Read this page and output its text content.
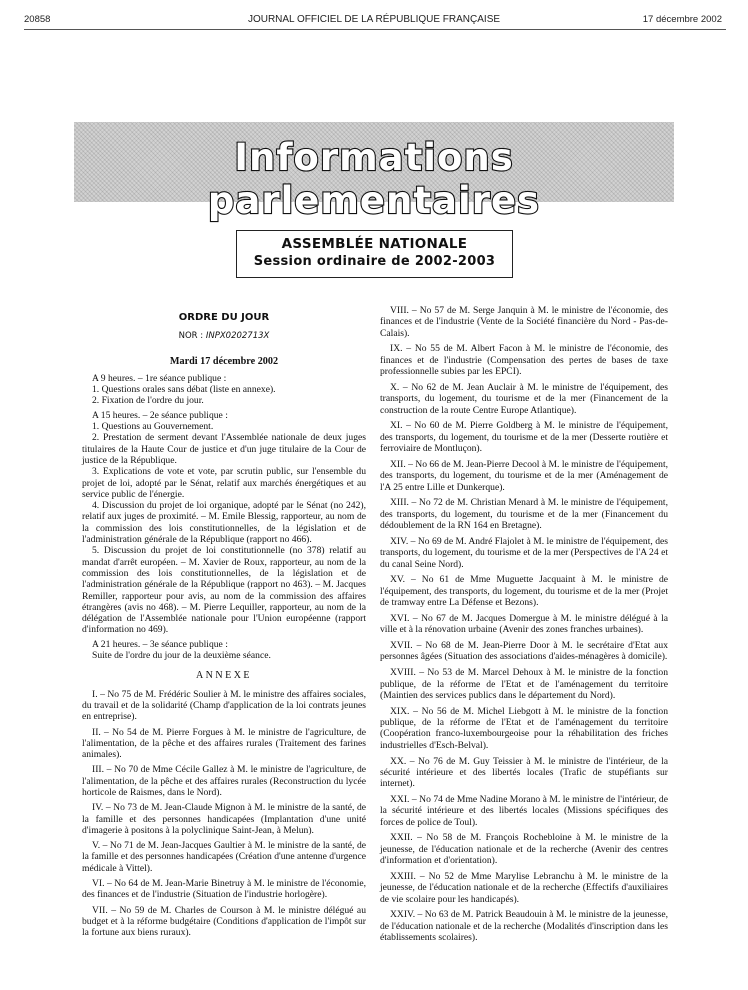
20858	JOURNAL OFFICIEL DE LA RÉPUBLIQUE FRANÇAISE	17 décembre 2002
Informations parlementaires
ASSEMBLÉE NATIONALE
Session ordinaire de 2002-2003
ORDRE DU JOUR
NOR : INPX0202713X
Mardi 17 décembre 2002

A 9 heures. – 1re séance publique :

1. Questions orales sans débat (liste en annexe).

2. Fixation de l'ordre du jour.

A 15 heures. – 2e séance publique :

1. Questions au Gouvernement.

2. Prestation de serment devant l'Assemblée nationale de deux juges titulaires de la Haute Cour de justice et d'un juge titulaire de la Cour de justice de la République.

3. Explications de vote et vote, par scrutin public, sur l'ensemble du projet de loi, adopté par le Sénat, relatif aux marchés énergétiques et au service public de l'énergie.

4. Discussion du projet de loi organique, adopté par le Sénat (no 242), relatif aux juges de proximité. – M. Emile Blessig, rapporteur, au nom de la commission des lois constitutionnelles, de la législation et de l'administration générale de la République (rapport no 466).

5. Discussion du projet de loi constitutionnelle (no 378) relatif au mandat d'arrêt européen. – M. Xavier de Roux, rapporteur, au nom de la commission des lois constitutionnelles, de la législation et de l'administration générale de la République (rapport no 463). – M. Jacques Remiller, rapporteur pour avis, au nom de la commission des affaires étrangères (avis no 468). – M. Pierre Lequiller, rapporteur, au nom de la délégation de l'Assemblée nationale pour l'Union européenne (rapport d'information no 469).

A 21 heures. – 3e séance publique :

Suite de l'ordre du jour de la deuxième séance.

ANNEXE

I. – No 75 de M. Frédéric Soulier à M. le ministre des affaires sociales, du travail et de la solidarité (Champ d'application de la loi contrats jeunes en entreprise).

II. – No 54 de M. Pierre Forgues à M. le ministre de l'agriculture, de l'alimentation, de la pêche et des affaires rurales (Traitement des farines animales).

III. – No 70 de Mme Cécile Gallez à M. le ministre de l'agriculture, de l'alimentation, de la pêche et des affaires rurales (Reconstruction du lycée horticole de Raismes, dans le Nord).

IV. – No 73 de M. Jean-Claude Mignon à M. le ministre de la santé, de la famille et des personnes handicapées (Implantation d'une unité d'imagerie à positons à la polyclinique Saint-Jean, à Melun).

V. – No 71 de M. Jean-Jacques Gaultier à M. le ministre de la santé, de la famille et des personnes handicapées (Création d'une antenne d'urgence médicale à Vittel).

VI. – No 64 de M. Jean-Marie Binetruy à M. le ministre de l'économie, des finances et de l'industrie (Situation de l'industrie horlogère).

VII. – No 59 de M. Charles de Courson à M. le ministre délégué au budget et à la réforme budgétaire (Conditions d'application de l'impôt sur la fortune aux biens ruraux).

VIII. – No 57 de M. Serge Janquin à M. le ministre de l'économie, des finances et de l'industrie (Vente de la Société financière du Nord - Pas-de-Calais).

IX. – No 55 de M. Albert Facon à M. le ministre de l'économie, des finances et de l'industrie (Compensation des pertes de bases de taxe professionnelle subies par les EPCI).

X. – No 62 de M. Jean Auclair à M. le ministre de l'équipement, des transports, du logement, du tourisme et de la mer (Financement de la construction de la route Centre Europe Atlantique).

XI. – No 60 de M. Pierre Goldberg à M. le ministre de l'équipement, des transports, du logement, du tourisme et de la mer (Desserte routière et ferroviaire de Montluçon).

XII. – No 66 de M. Jean-Pierre Decool à M. le ministre de l'équipement, des transports, du logement, du tourisme et de la mer (Aménagement de l'A 25 entre Lille et Dunkerque).

XIII. – No 72 de M. Christian Menard à M. le ministre de l'équipement, des transports, du logement, du tourisme et de la mer (Financement du dédoublement de la RN 164 en Bretagne).

XIV. – No 69 de M. André Flajolet à M. le ministre de l'équipement, des transports, du logement, du tourisme et de la mer (Perspectives de l'A 24 et du canal Seine Nord).

XV. – No 61 de Mme Muguette Jacquaint à M. le ministre de l'équipement, des transports, du logement, du tourisme et de la mer (Projet de tramway entre La Défense et Bezons).

XVI. – No 67 de M. Jacques Domergue à M. le ministre délégué à la ville et à la rénovation urbaine (Avenir des zones franches urbaines).

XVII. – No 68 de M. Jean-Pierre Door à M. le secrétaire d'Etat aux personnes âgées (Situation des associations d'aides-ménagères à domicile).

XVIII. – No 53 de M. Marcel Dehoux à M. le ministre de la fonction publique, de la réforme de l'Etat et de l'aménagement du territoire (Maintien des services publics dans le département du Nord).

XIX. – No 56 de M. Michel Liebgott à M. le ministre de la fonction publique, de la réforme de l'Etat et de l'aménagement du territoire (Coopération franco-luxembourgeoise pour la réhabilitation des friches industrielles d'Esch-Belval).

XX. – No 76 de M. Guy Teissier à M. le ministre de l'intérieur, de la sécurité intérieure et des libertés locales (Trafic de stupéfiants sur internet).

XXI. – No 74 de Mme Nadine Morano à M. le ministre de l'intérieur, de la sécurité intérieure et des libertés locales (Missions spécifiques des forces de police de Toul).

XXII. – No 58 de M. François Rochebloine à M. le ministre de la jeunesse, de l'éducation nationale et de la recherche (Avenir des centres d'information et d'orientation).

XXIII. – No 52 de Mme Marylise Lebranchu à M. le ministre de la jeunesse, de l'éducation nationale et de la recherche (Effectifs d'auxiliaires de vie scolaire pour les handicapés).

XXIV. – No 63 de M. Patrick Beaudouin à M. le ministre de la jeunesse, de l'éducation nationale et de la recherche (Modalités d'inscription dans les établissements scolaires).
